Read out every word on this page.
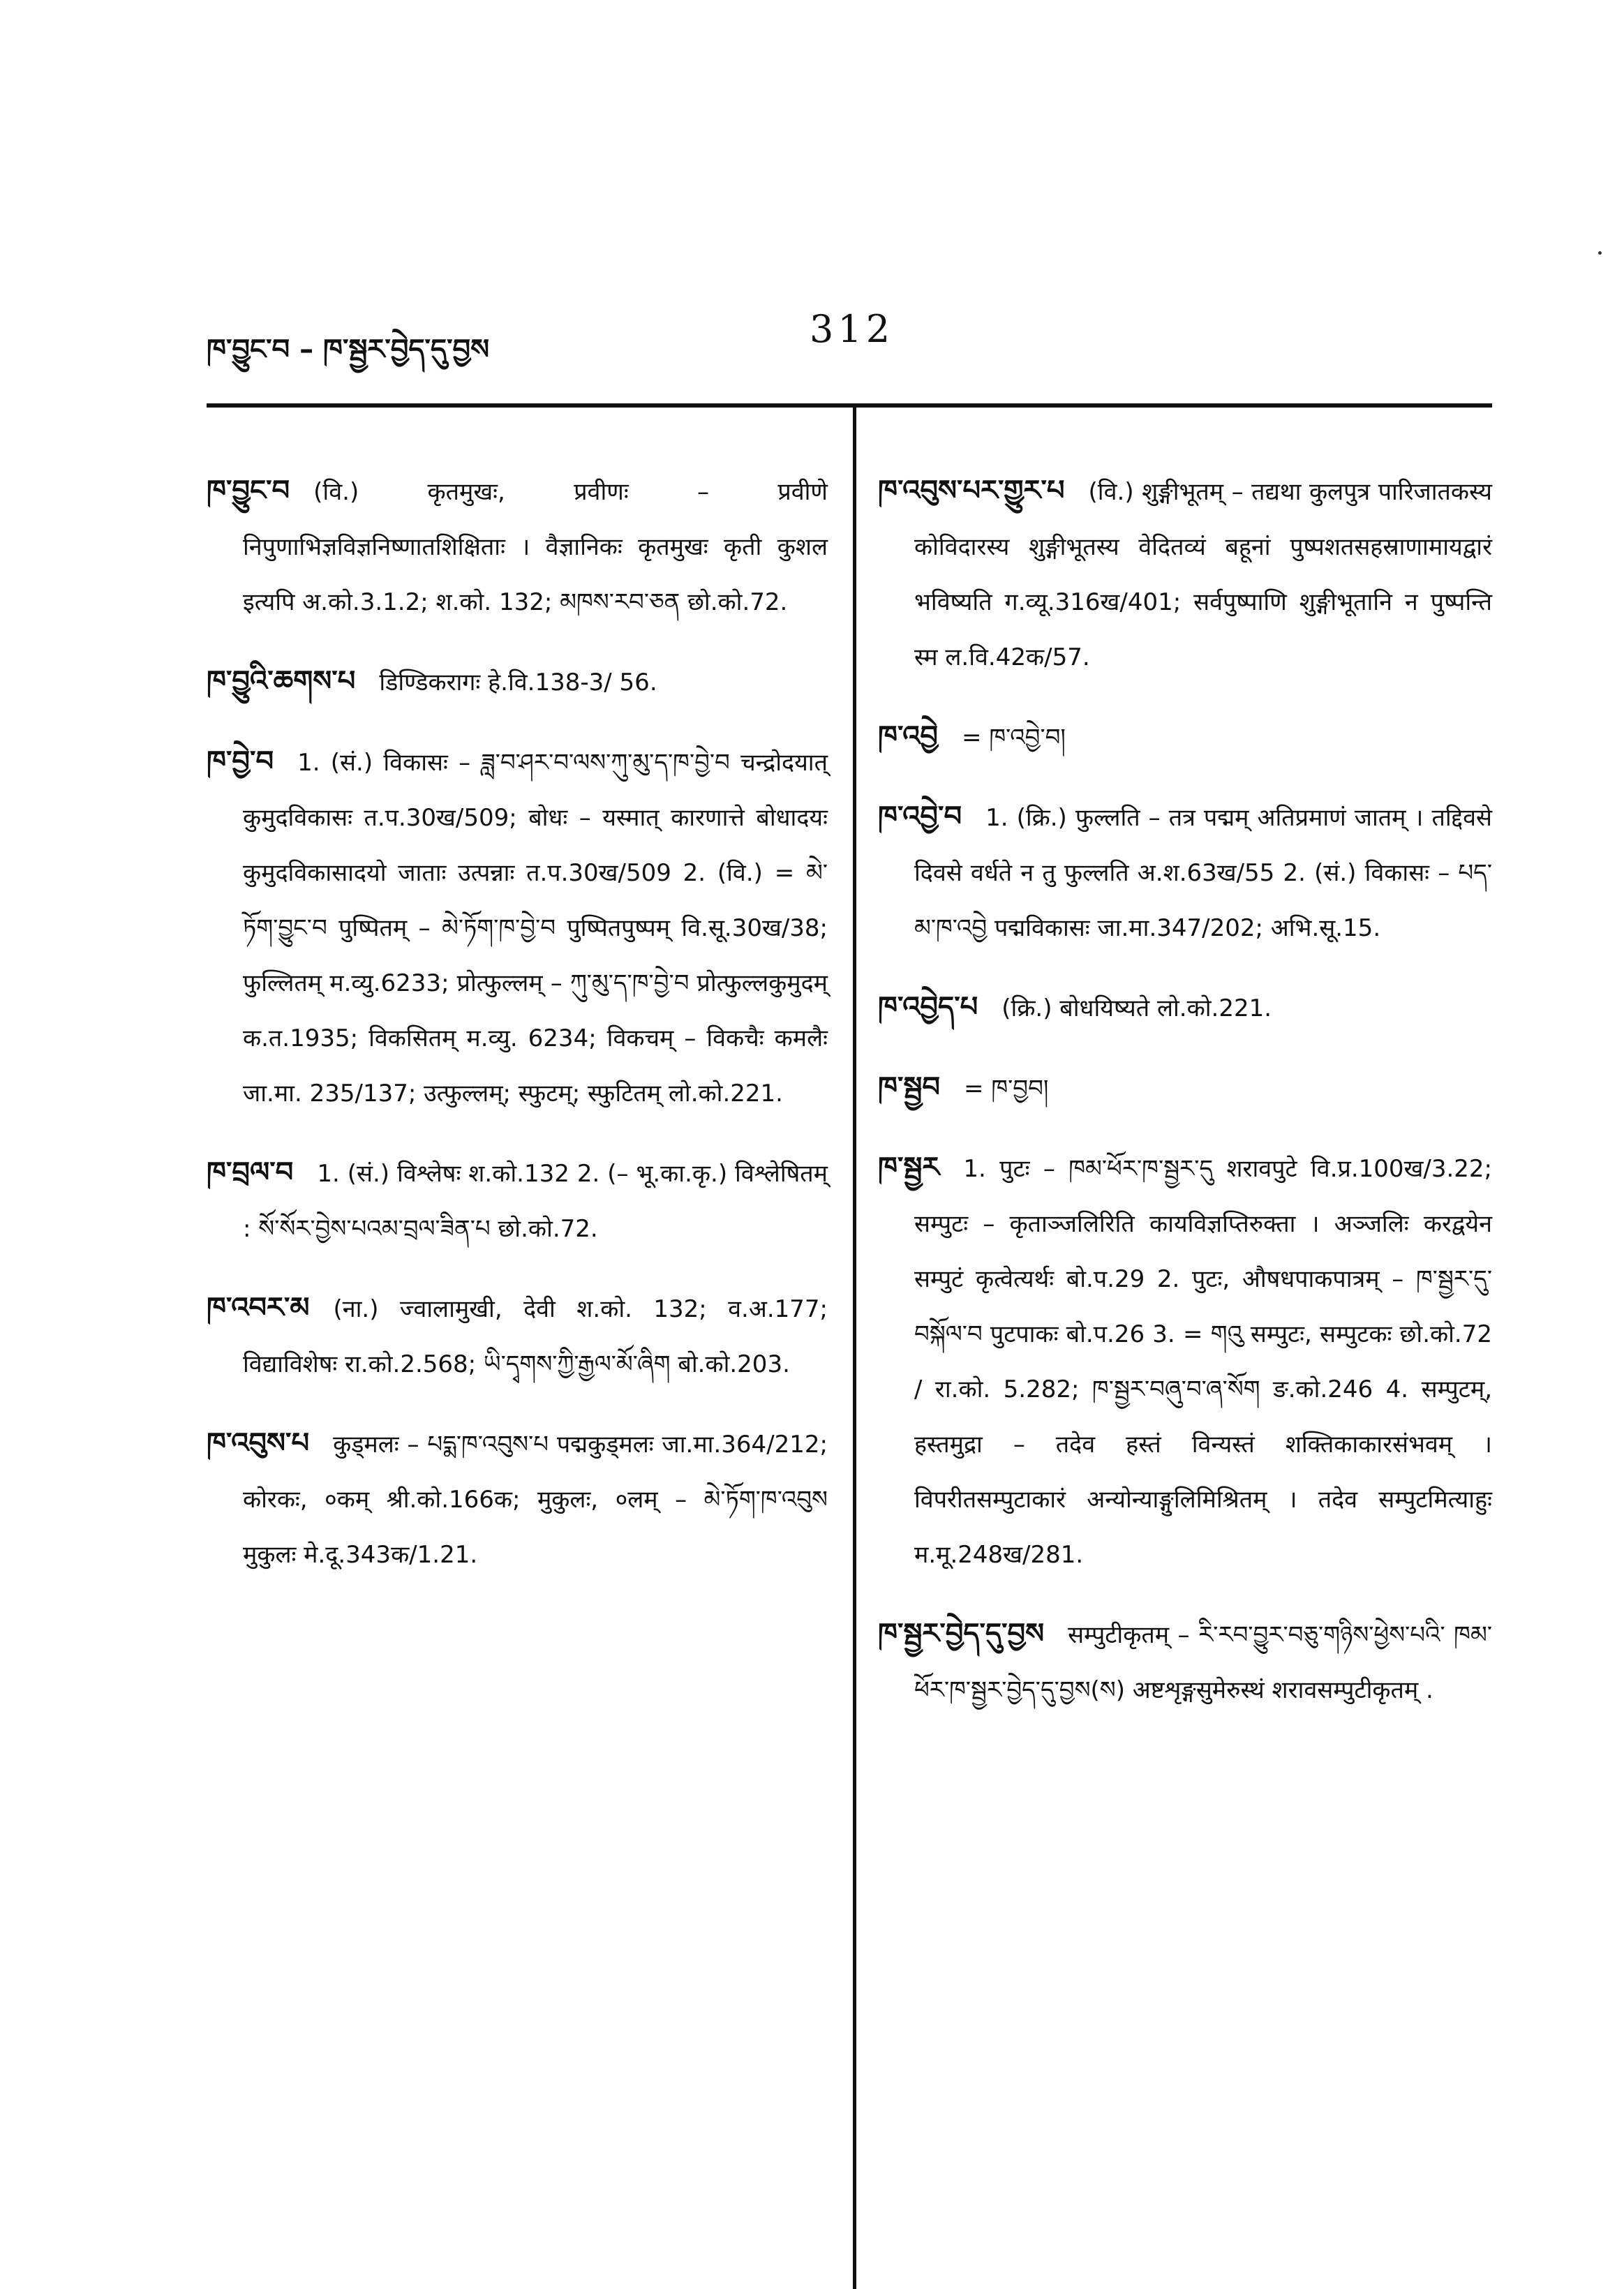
ཁ་བྱུང་བ – ཁ་སྦྱར་བྱེད་དུ་བྱས	312

ཁ་བྱུང་བ (वि.) कृतमुखः, प्रवीणः – प्रवीणे निपुणाभिज्ञविज्ञनिष्णातशिक्षिताः । वैज्ञानिकः कृतमुखः कृती कुशल इत्यपि अ.को.3.1.2; श.को. 132; མཁས་རབ་ཅན छो.को.72.

ཁ་བྱུའི་ཆགས་པ डिण्डिकरागः हे.वि.138-3/ 56.

ཁ་བྱེ་བ 1. (सं.) विकासः – ཟླ་བ་ཤར་བ་ལས་ཀུ་མུ་ད་ཁ་བྱེ་བ चन्द्रोदयात् कुमुदविकासः त.प.30ख/509; बोधः – यस्मात् कारणात्ते बोधादयः कुमुदविकासादयो जाताः उत्पन्नाः त.प.30ख/509 2. (वि.) = མེ་ཏོག་བྱུང་བ पुष्पितम् – མེ་ཏོག་ཁ་བྱེ་བ पुष्पितपुष्पम् वि.सू.30ख/38; फुल्लितम् म.व्यु.6233; प्रोत्फुल्लम् – ཀུ་མུ་ད་ཁ་བྱེ་བ प्रोत्फुल्लकुमुदम् क.त.1935; विकसितम् म.व्यु. 6234; विकचम् – विकचैः कमलैः जा.मा. 235/137; उत्फुल्लम्; स्फुटम्; स्फुटितम् लो.को.221.

ཁ་བྲལ་བ 1. (सं.) विश्लेषः श.को.132 2. (– भू.का.कृ.) विश्लेषितम् : སོ་སོར་བྱེས་པའམ་བྲལ་ཟིན་པ छो.को.72.

ཁ་འབར་མ (ना.) ज्वालामुखी, देवी श.को. 132; व.अ.177; विद्याविशेषः रा.को.2.568; ཡི་དྭགས་ཀྱི་རྒྱལ་མོ་ཞིག बो.को.203.

ཁ་འབུས་པ कुड्मलः – པདྨ་ཁ་འབུས་པ पद्मकुड्मलः जा.मा.364/212; कोरकः, ०कम् श्री.को.166क; मुकुलः, ०लम् – མེ་ཏོག་ཁ་འབུས मुकुलः मे.दू.343क/1.21.

ཁ་འབུས་པར་གྱུར་པ (वि.) शुङ्गीभूतम् – तद्यथा कुलपुत्र पारिजातकस्य कोविदारस्य शुङ्गीभूतस्य वेदितव्यं बहूनां पुष्पशतसहस्राणामायद्वारं भविष्यति ग.व्यू.316ख/401; सर्वपुष्पाणि शुङ्गीभूतानि न पुष्पन्ति स्म ल.वि.42क/57.

ཁ་འབྱེ = ཁ་འབྱེ་བ།

ཁ་འབྱེ་བ 1. (क्रि.) फुल्लति – तत्र पद्मम् अतिप्रमाणं जातम् । तद्दिवसे दिवसे वर्धते न तु फुल्लति अ.श.63ख/55 2. (सं.) विकासः – པད་མ་ཁ་འབྱེ पद्मविकासः जा.मा.347/202; अभि.सू.15.

ཁ་འབྱེད་པ (क्रि.) बोधयिष्यते लो.को.221.

ཁ་སྦྱབ = ཁ་བྱབ།

ཁ་སྦྱར 1. पुटः – ཁམ་ཕོར་ཁ་སྦྱར་དུ शरावपुटे वि.प्र.100ख/3.22; सम्पुटः – कृताञ्जलिरिति कायविज्ञप्तिरुक्ता । अञ्जलिः करद्वयेन सम्पुटं कृत्वेत्यर्थः बो.प.29 2. पुटः, औषधपाकपात्रम् – ཁ་སྦྱར་དུ་བསྐོལ་བ पुटपाकः बो.प.26 3. = གའུ सम्पुटः, सम्पुटकः छो.को.72 / रा.को. 5.282; ཁ་སྦྱར་བཞུ་བ་ཞ་སོག ङ.को.246 4. सम्पुटम्, हस्तमुद्रा – तदेव हस्तं विन्यस्तं शक्तिकाकारसंभवम् । विपरीतसम्पुटाकारं अन्योन्याङ्गुलिमिश्रितम् । तदेव सम्पुटमित्याहुः म.मू.248ख/281.

ཁ་སྦྱར་བྱེད་དུ་བྱས सम्पुटीकृतम् – རི་རབ་བྱུར་བཅུ་གཉིས་ཕྱེས་པའི་ ཁམ་ཕོར་ཁ་སྦྱར་བྱེད་དུ་བྱས(ས) अष्टशृङ्गसुमेरुस्थं शरावसम्पुटीकृतम् .
